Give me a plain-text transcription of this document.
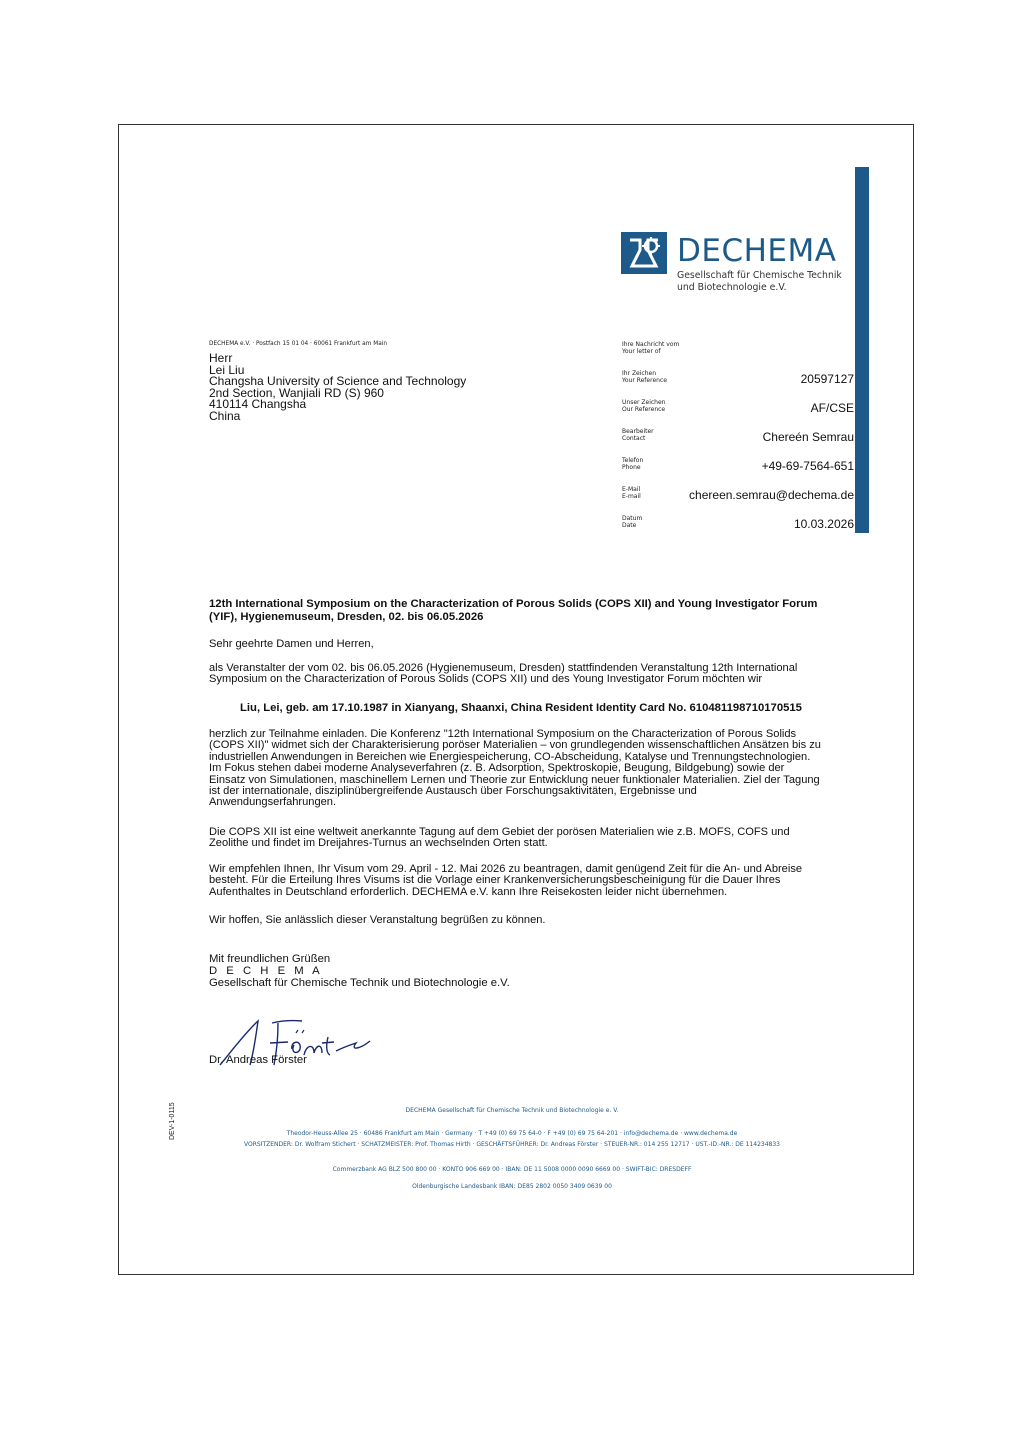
DECHEMA
Gesellschaft für Chemische Technik
und Biotechnologie e.V.
DECHEMA e.V. · Postfach 15 01 04 · 60061 Frankfurt am Main
Herr
Lei Liu
Changsha University of Science and Technology
2nd Section, Wanjiali RD (S) 960
410114 Changsha
China
Ihre Nachricht vom
Your letter of
Ihr Zeichen
Your Reference	20597127
Unser Zeichen
Our Reference	AF/CSE
Bearbeiter
Contact	Chereén Semrau
Telefon
Phone	+49-69-7564-651
E-Mail
E-mail	chereen.semrau@dechema.de
Datum
Date	10.03.2026
12th International Symposium on the Characterization of Porous Solids (COPS XII) and Young Investigator Forum (YIF), Hygienemuseum, Dresden, 02. bis 06.05.2026
Sehr geehrte Damen und Herren,
als Veranstalter der vom 02. bis 06.05.2026 (Hygienemuseum, Dresden) stattfindenden Veranstaltung 12th International Symposium on the Characterization of Porous Solids (COPS XII) und des Young Investigator Forum möchten wir
Liu, Lei, geb. am 17.10.1987 in Xianyang, Shaanxi, China Resident Identity Card No. 610481198710170515
herzlich zur Teilnahme einladen. Die Konferenz "12th International Symposium on the Characterization of Porous Solids (COPS XII)" widmet sich der Charakterisierung poröser Materialien – von grundlegenden wissenschaftlichen Ansätzen bis zu industriellen Anwendungen in Bereichen wie Energiespeicherung, CO-Abscheidung, Katalyse und Trennungstechnologien. Im Fokus stehen dabei moderne Analyseverfahren (z. B. Adsorption, Spektroskopie, Beugung, Bildgebung) sowie der Einsatz von Simulationen, maschinellem Lernen und Theorie zur Entwicklung neuer funktionaler Materialien. Ziel der Tagung ist der internationale, disziplinübergreifende Austausch über Forschungsaktivitäten, Ergebnisse und Anwendungserfahrungen.
Die COPS XII ist eine weltweit anerkannte Tagung auf dem Gebiet der porösen Materialien wie z.B. MOFS, COFS und Zeolithe und findet im Dreijahres-Turnus an wechselnden Orten statt.
Wir empfehlen Ihnen, Ihr Visum vom 29. April - 12. Mai 2026 zu beantragen, damit genügend Zeit für die An- und Abreise besteht. Für die Erteilung Ihres Visums ist die Vorlage einer Krankenversicherungsbescheinigung für die Dauer Ihres Aufenthaltes in Deutschland erforderlich. DECHEMA e.V. kann Ihre Reisekosten leider nicht übernehmen.
Wir hoffen, Sie anlässlich dieser Veranstaltung begrüßen zu können.
Mit freundlichen Grüßen
D E C H E M A
Gesellschaft für Chemische Technik und Biotechnologie e.V.
Dr. Andreas Förster
DEV-1-0115	DECHEMA Gesellschaft für Chemische Technik und Biotechnologie e. V.
Theodor-Heuss-Allee 25 · 60486 Frankfurt am Main · Germany · T +49 (0) 69 75 64-0 · F +49 (0) 69 75 64-201 · info@dechema.de · www.dechema.de
VORSITZENDER: Dr. Wolfram Stichert · SCHATZMEISTER: Prof. Thomas Hirth · GESCHÄFTSFÜHRER: Dr. Andreas Förster · STEUER-NR.: 014 255 12717 · UST.-ID.-NR.: DE 114234833
Commerzbank AG BLZ 500 800 00 · KONTO 906 669 00 · IBAN: DE 11 5008 0000 0090 6669 00 · SWIFT-BIC: DRESDEFF
Oldenburgische Landesbank IBAN: DE85 2802 0050 3409 0639 00
